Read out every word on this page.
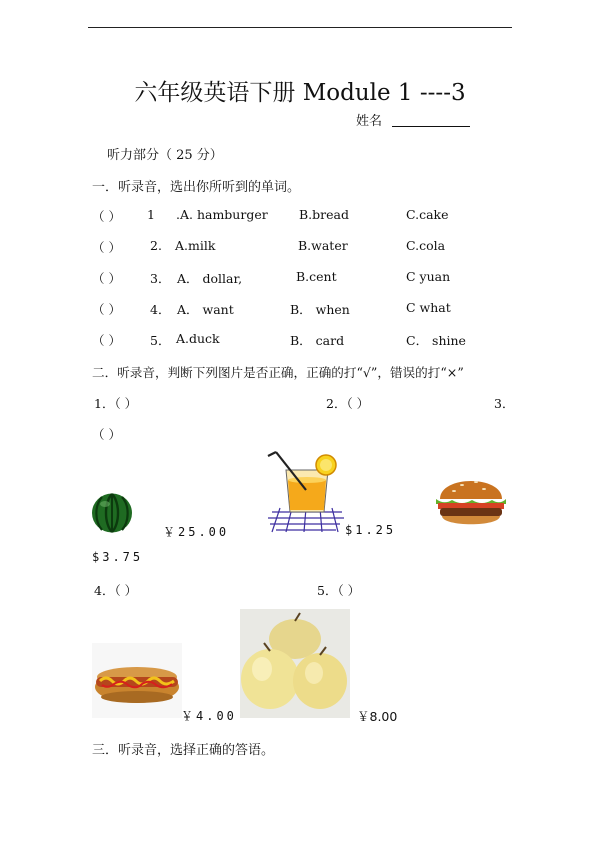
六年级英语下册 Module 1 ----3
姓名
听力部分（ 25 分）
一．听录音，选出你所听到的单词。
（ ） 1 .A. hamburger	B.bread	C.cake
（ ） 2. A.milk	B.water	C.cola
（ ） 3． A． dollar,	B.cent	C yuan
（ ） 4． A． want	B． when	C what
（ ） 5． A.duck	B． card	C． shine
二．听录音，判断下列图片是否正确，正确的打“√”，错误的打“×”
1．（ ）	2．（ ）	3．
（ ）
￥25.00	$1.25
$3.75
4．（ ）	5．（ ）
￥4.00	￥8.00
三．听录音，选择正确的答语。
